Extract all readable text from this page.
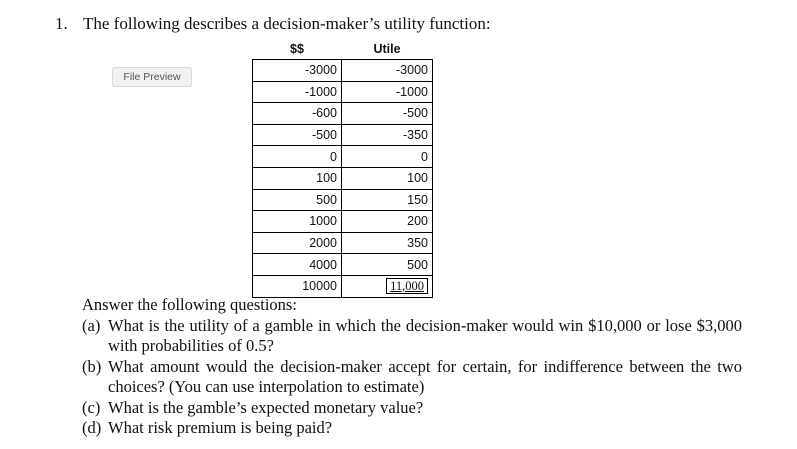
1. The following describes a decision-maker’s utility function:
File Preview
$$	Utile
-3000	-3000
-1000	-1000
-600	-500
-500	-350
0	0
100	100
500	150
1000	200
2000	350
4000	500
10000	11,000
Answer the following questions:
(a) What is the utility of a gamble in which the decision-maker would win $10,000 or lose $3,000 with probabilities of 0.5?
(b) What amount would the decision-maker accept for certain, for indifference between the two choices? (You can use interpolation to estimate)
(c) What is the gamble’s expected monetary value?
(d) What risk premium is being paid?
